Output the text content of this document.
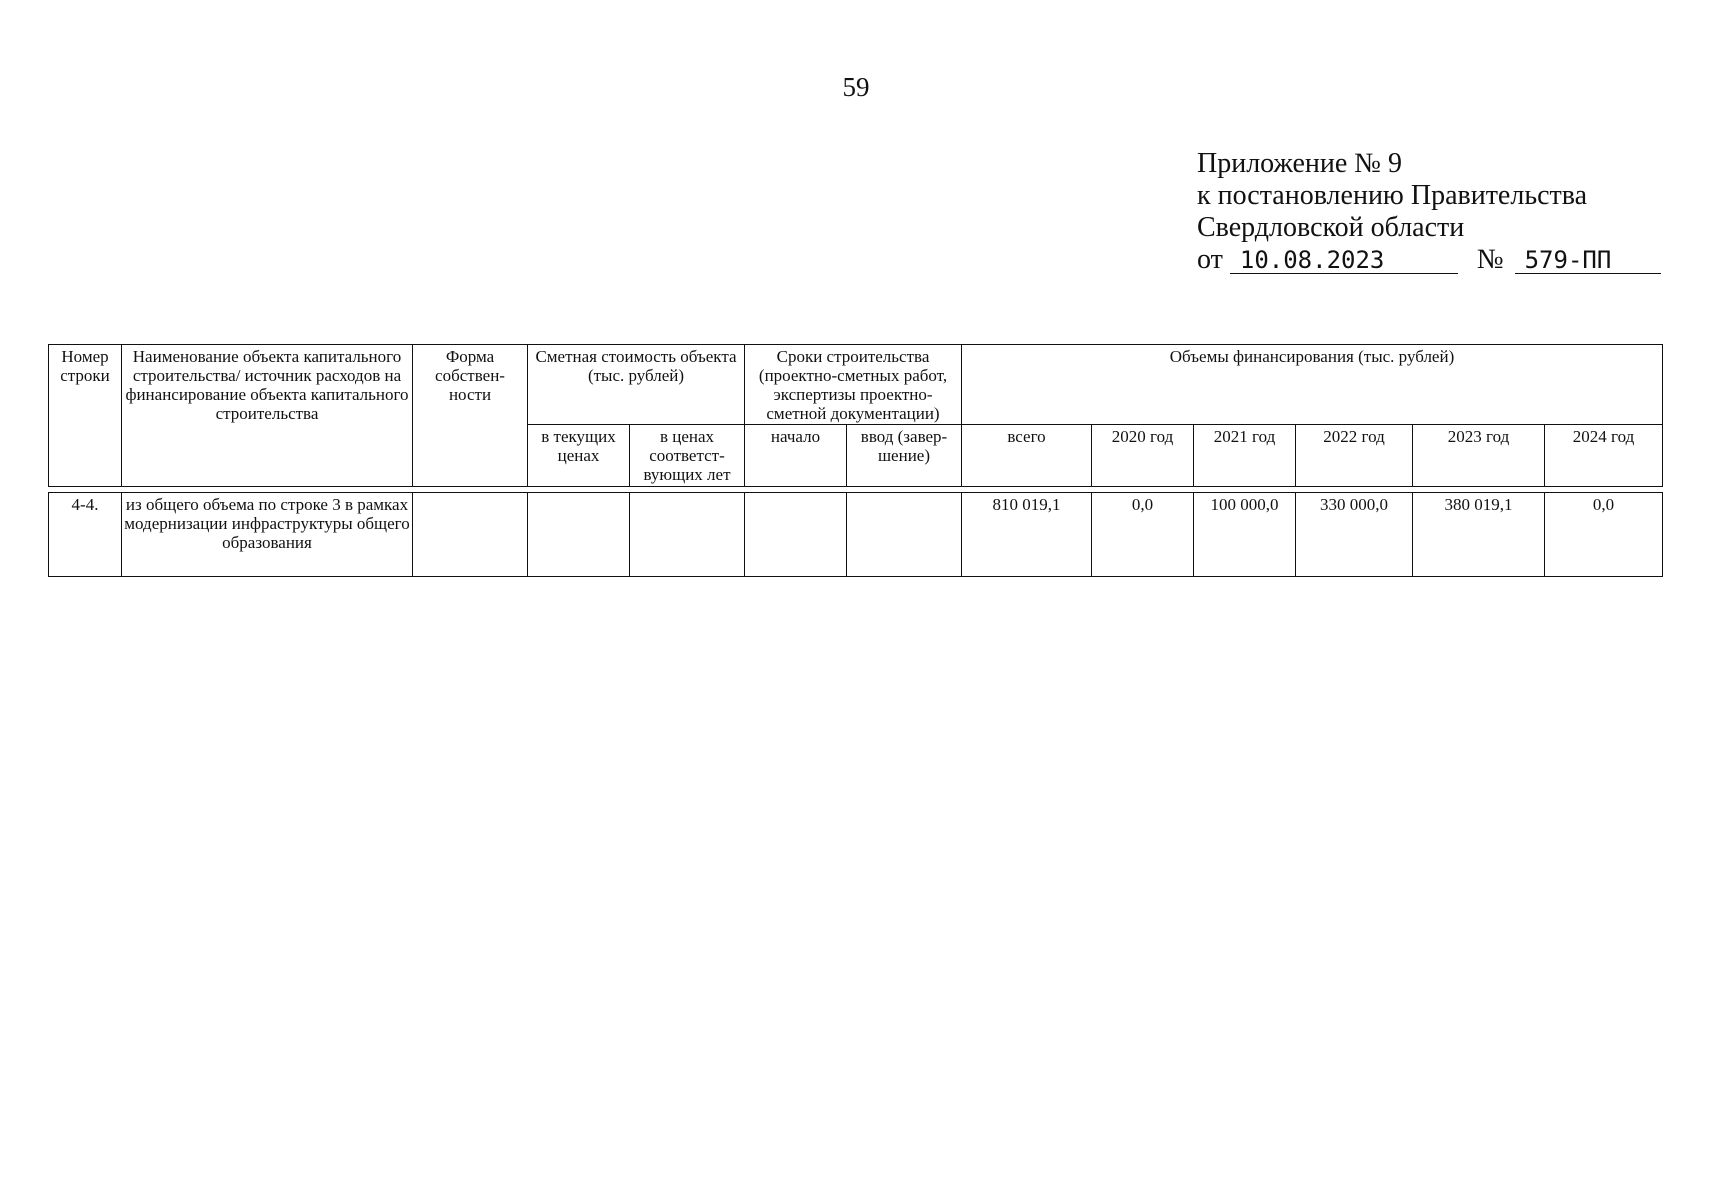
59
Приложение № 9
к постановлению Правительства
Свердловской области
от 10.08.2023	№ 579-ПП
Номер строки	Наименование объекта капитального строительства/ источник расходов на финансирование объекта капитального строительства	Форма собствен-ности	Сметная стоимость объекта (тыс. рублей)		Сроки строительства (проектно-сметных работ, экспертизы проектно-сметной документации)		Объемы финансирования (тыс. рублей)					
			в текущих ценах	в ценах соответст-вующих лет	начало	ввод (завер-шение)	всего	2020 год	2021 год	2022 год	2023 год	2024 год
4-4.	из общего объема по строке 3 в рамках модернизации инфраструктуры общего образования						810 019,1	0,0	100 000,0	330 000,0	380 019,1	0,0
